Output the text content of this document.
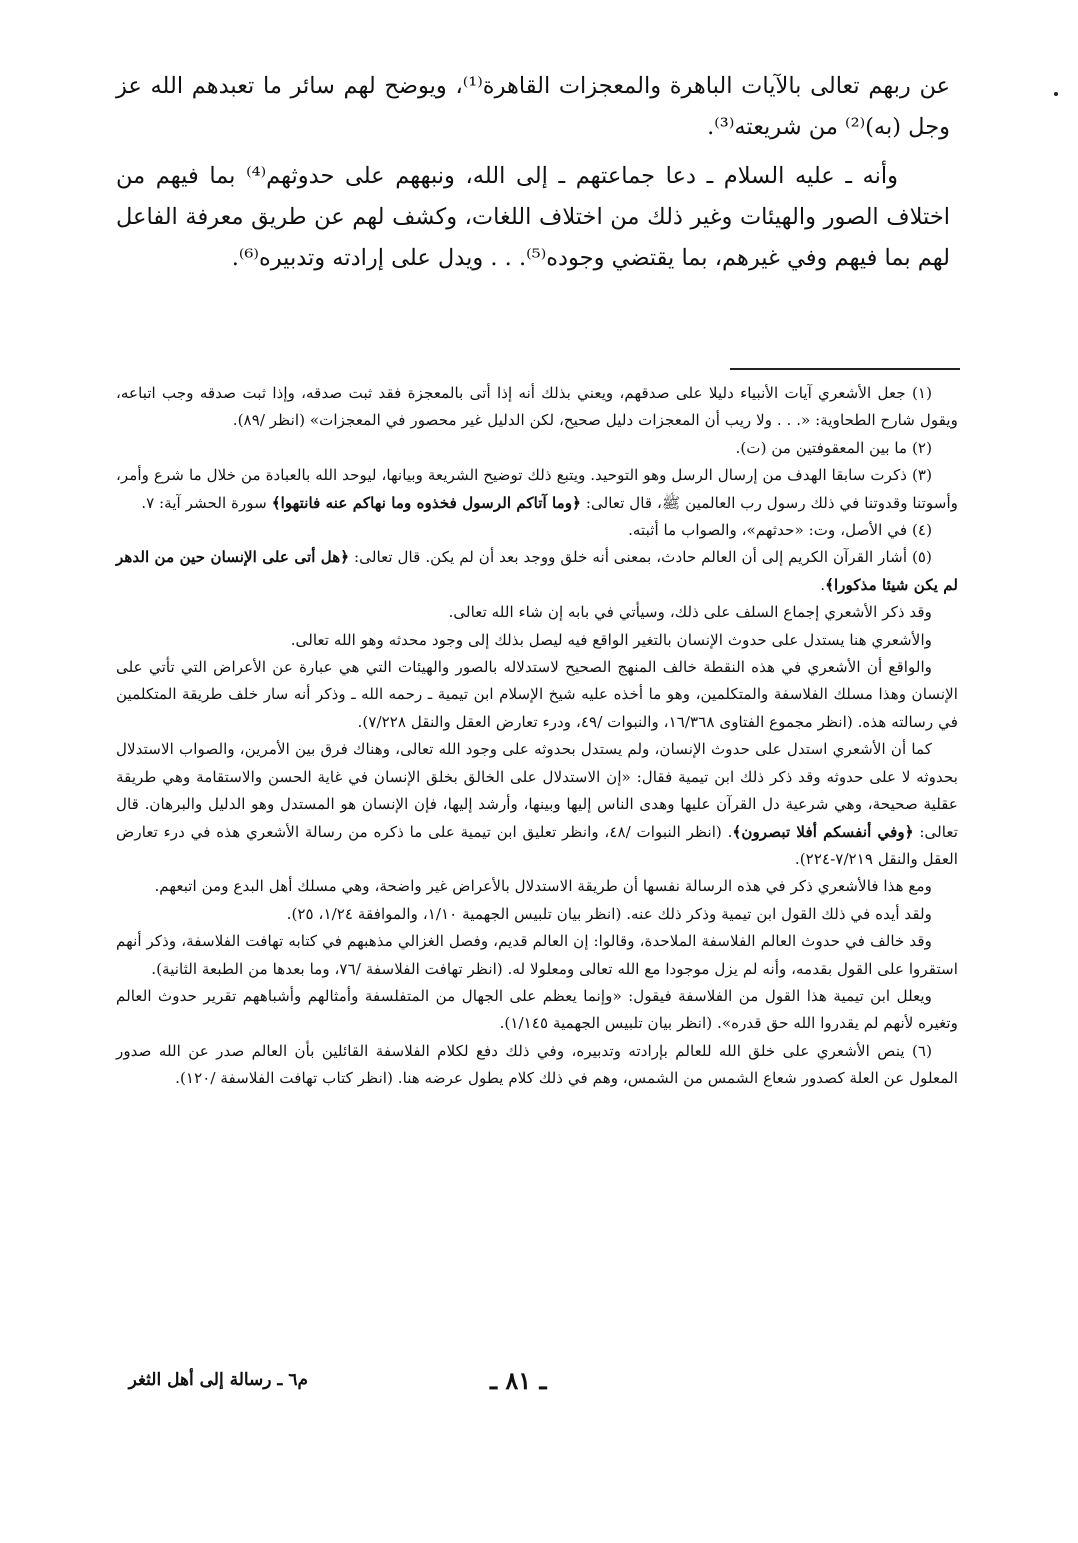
عن ربهم تعالى بالآيات الباهرة والمعجزات القاهرة⁽¹⁾، ويوضح لهم سائر ما تعبدهم الله عز وجل (به)⁽²⁾ من شريعته⁽³⁾.

وأنه ـ عليه السلام ـ دعا جماعتهم ـ إلى الله، ونبههم على حدوثهم⁽⁴⁾ بما فيهم من اختلاف الصور والهيئات وغير ذلك من اختلاف اللغات، وكشف لهم عن طريق معرفة الفاعل لهم بما فيهم وفي غيرهم، بما يقتضي وجوده⁽⁵⁾. . . ويدل على إرادته وتدبيره⁽⁶⁾.

(١) جعل الأشعري آيات الأنبياء دليلا على صدقهم، ويعني بذلك أنه إذا أتى بالمعجزة فقد ثبت صدقه، وإذا ثبت صدقه وجب اتباعه، ويقول شارح الطحاوية: «. . . ولا ريب أن المعجزات دليل صحيح، لكن الدليل غير محصور في المعجزات» (انظر /٨٩).

(٢) ما بين المعقوفتين من (ت).

(٣) ذكرت سابقا الهدف من إرسال الرسل وهو التوحيد. ويتبع ذلك توضيح الشريعة وبيانها، ليوحد الله بالعبادة من خلال ما شرع وأمر، وأسوتنا وقدوتنا في ذلك رسول رب العالمين ﷺ، قال تعالى: ﴿وما آتاكم الرسول فخذوه وما نهاكم عنه فانتهوا﴾ سورة الحشر آية: ٧.

(٤) في الأصل، وت: «حدثهم»، والصواب ما أثبته.

(٥) أشار القرآن الكريم إلى أن العالم حادث، بمعنى أنه خلق ووجد بعد أن لم يكن. قال تعالى: ﴿هل أتى على الإنسان حين من الدهر لم يكن شيئا مذكورا﴾.

وقد ذكر الأشعري إجماع السلف على ذلك، وسيأتي في بابه إن شاء الله تعالى.

والأشعري هنا يستدل على حدوث الإنسان بالتغير الواقع فيه ليصل بذلك إلى وجود محدثه وهو الله تعالى.

والواقع أن الأشعري في هذه النقطة خالف المنهج الصحيح لاستدلاله بالصور والهيئات التي هي عبارة عن الأعراض التي تأتي على الإنسان وهذا مسلك الفلاسفة والمتكلمين، وهو ما أخذه عليه شيخ الإسلام ابن تيمية ـ رحمه الله ـ وذكر أنه سار خلف طريقة المتكلمين في رسالته هذه. (انظر مجموع الفتاوى ١٦/٣٦٨، والنبوات /٤٩، ودرء تعارض العقل والنقل ٧/٢٢٨).

كما أن الأشعري استدل على حدوث الإنسان، ولم يستدل بحدوثه على وجود الله تعالى، وهناك فرق بين الأمرين، والصواب الاستدلال بحدوثه لا على حدوثه وقد ذكر ذلك ابن تيمية فقال: «إن الاستدلال على الخالق بخلق الإنسان في غاية الحسن والاستقامة وهي طريقة عقلية صحيحة، وهي شرعية دل القرآن عليها وهدى الناس إليها وبينها، وأرشد إليها، فإن الإنسان هو المستدل وهو الدليل والبرهان. قال تعالى: ﴿وفي أنفسكم أفلا تبصرون﴾. (انظر النبوات /٤٨، وانظر تعليق ابن تيمية على ما ذكره من رسالة الأشعري هذه في درء تعارض العقل والنقل ٧/٢١٩-٢٢٤).

ومع هذا فالأشعري ذكر في هذه الرسالة نفسها أن طريقة الاستدلال بالأعراض غير واضحة، وهي مسلك أهل البدع ومن اتبعهم.

ولقد أيده في ذلك القول ابن تيمية وذكر ذلك عنه. (انظر بيان تلبيس الجهمية ١/١٠، والموافقة ١/٢٤، ٢٥).

وقد خالف في حدوث العالم الفلاسفة الملاحدة، وقالوا: إن العالم قديم، وفصل الغزالي مذهبهم في كتابه تهافت الفلاسفة، وذكر أنهم استقروا على القول بقدمه، وأنه لم يزل موجودا مع الله تعالى ومعلولا له. (انظر تهافت الفلاسفة /٧٦، وما بعدها من الطبعة الثانية).

ويعلل ابن تيمية هذا القول من الفلاسفة فيقول: «وإنما يعظم على الجهال من المتفلسفة وأمثالهم وأشباههم تقرير حدوث العالم وتغيره لأنهم لم يقدروا الله حق قدره». (انظر بيان تلبيس الجهمية ١/١٤٥).

(٦) ينص الأشعري على خلق الله للعالم بإرادته وتدبيره، وفي ذلك دفع لكلام الفلاسفة القائلين بأن العالم صدر عن الله صدور المعلول عن العلة كصدور شعاع الشمس من الشمس، وهم في ذلك كلام يطول عرضه هنا. (انظر كتاب تهافت الفلاسفة /١٢٠).

ـ ٨١ ـ
م٦ ـ رسالة إلى أهل الثغر
